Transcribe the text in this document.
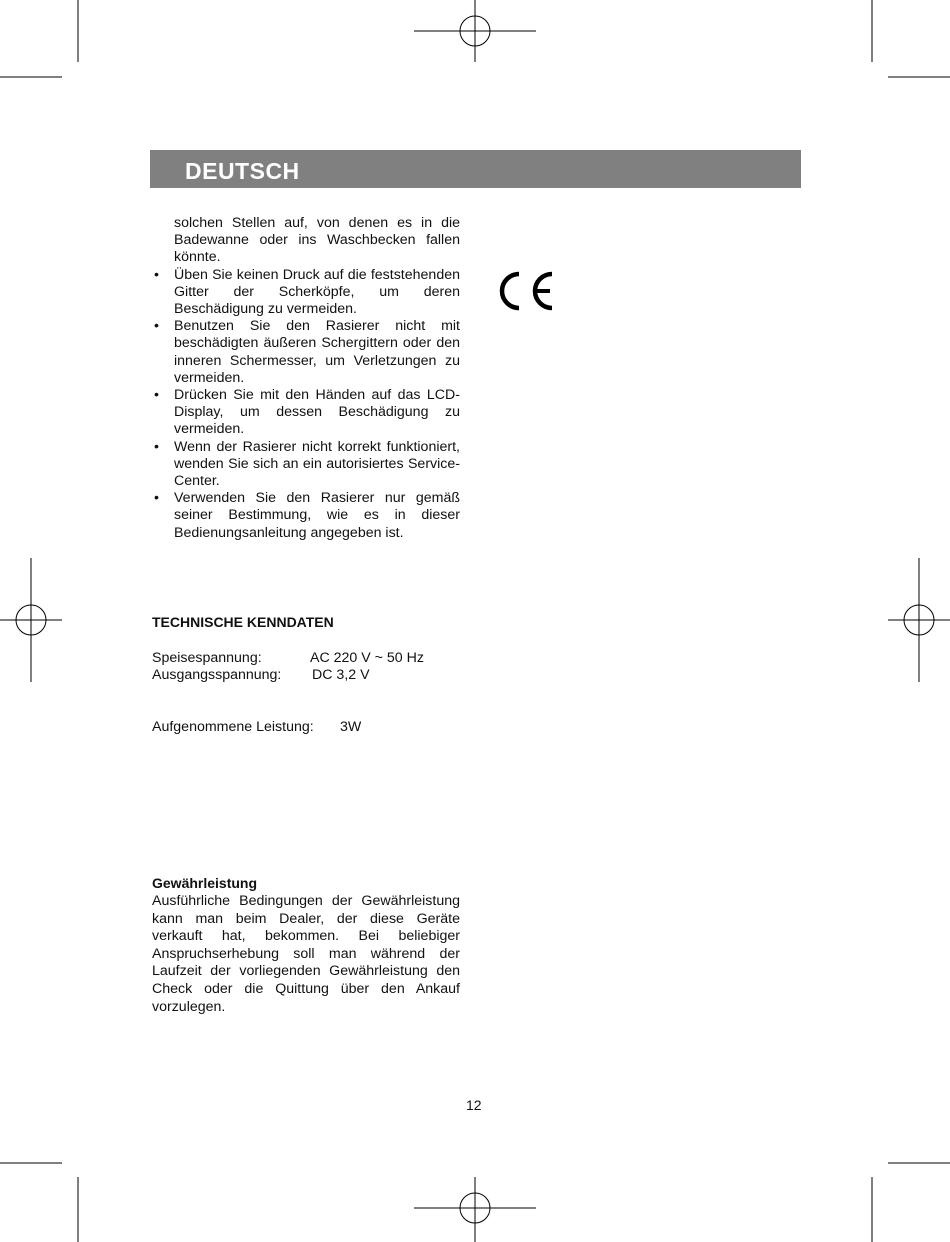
DEUTSCH
solchen Stellen auf, von denen es in die Badewanne oder ins Waschbecken fallen könnte.
• Üben Sie keinen Druck auf die feststehenden Gitter der Scherköpfe, um deren Beschädigung zu vermeiden.
• Benutzen Sie den Rasierer nicht mit beschädigten äußeren Schergittern oder den inneren Schermesser, um Verletzungen zu vermeiden.
• Drücken Sie mit den Händen auf das LCD-Display, um dessen Beschädigung zu vermeiden.
• Wenn der Rasierer nicht korrekt funktioniert, wenden Sie sich an ein autorisiertes Service-Center.
• Verwenden Sie den Rasierer nur gemäß seiner Bestimmung, wie es in dieser Bedienungsanleitung angegeben ist.
TECHNISCHE KENNDATEN
Speisespannung:	AC 220 V ~ 50 Hz
Ausgangsspannung: DC 3,2 V
Aufgenommene Leistung: 3W
Gewährleistung
Ausführliche Bedingungen der Gewährleistung kann man beim Dealer, der diese Geräte verkauft hat, bekommen. Bei beliebiger Anspruchserhebung soll man während der Laufzeit der vorliegenden Gewährleistung den Check oder die Quittung über den Ankauf vorzulegen.
12
